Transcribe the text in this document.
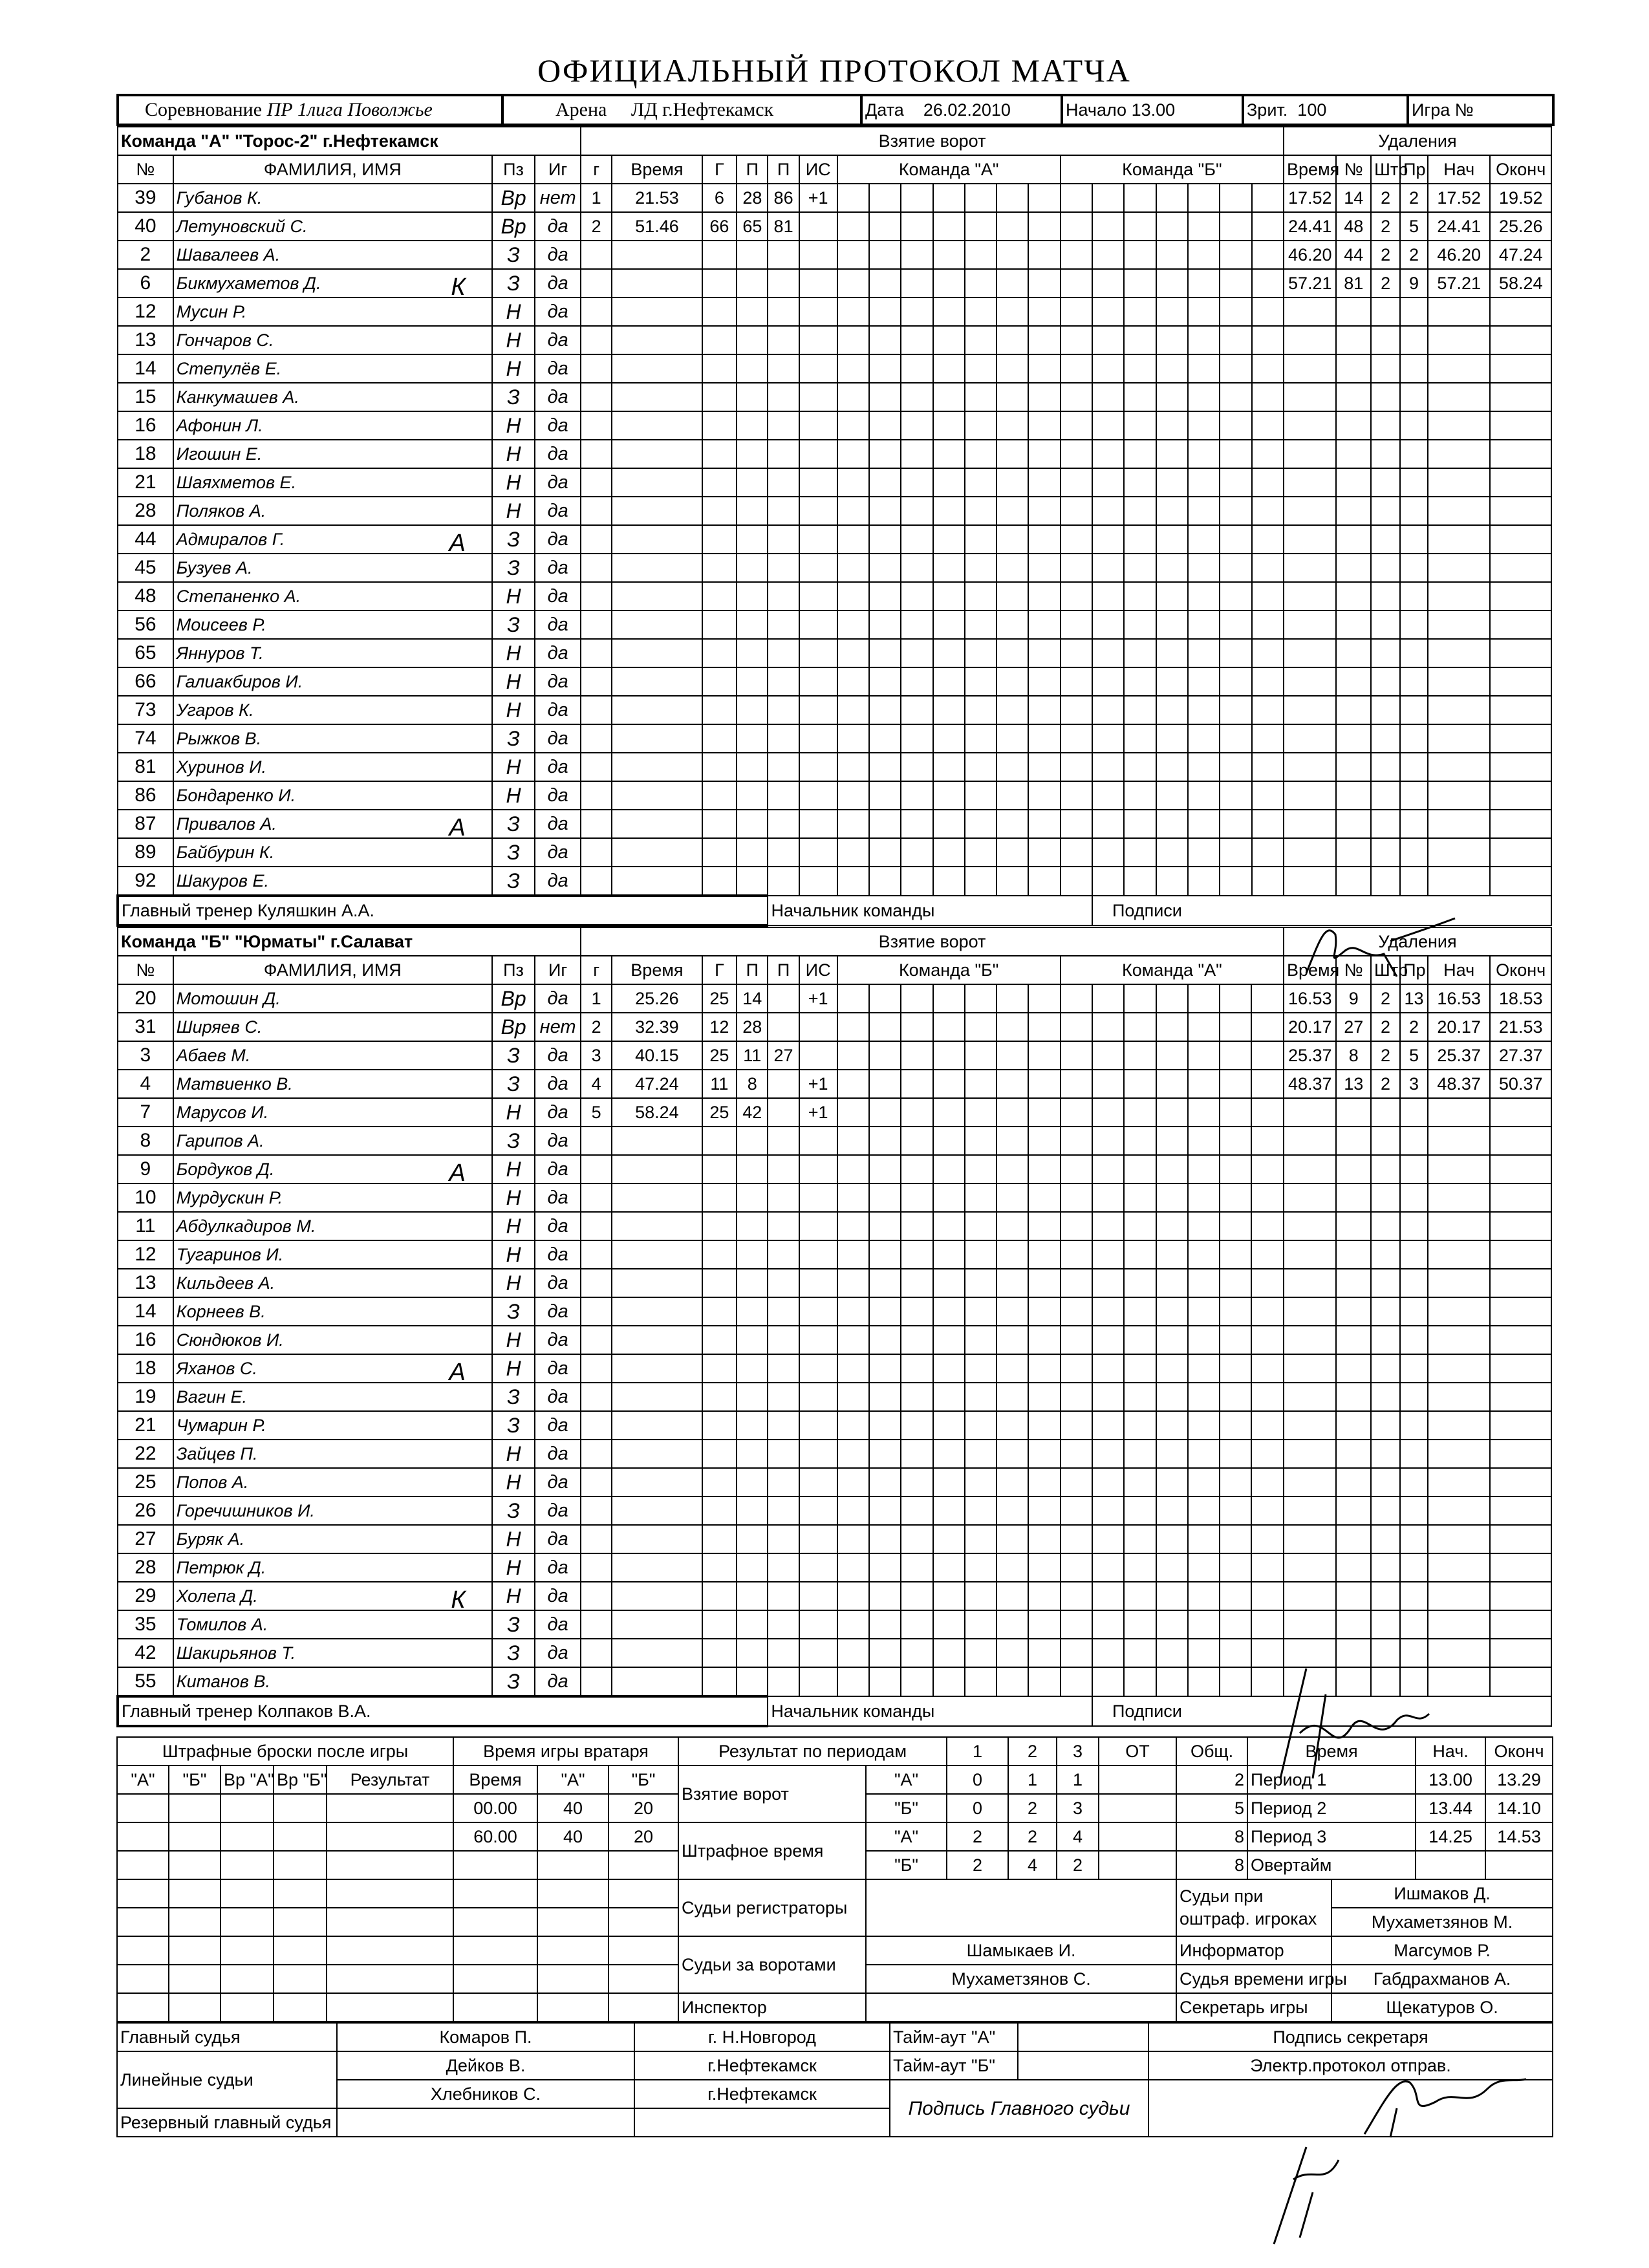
ОФИЦИАЛЬНЫЙ ПРОТОКОЛ МАТЧА
Соревнование ПР 1лига Поволжье	Арена ЛД г.Нефтекамск	Дата 26.02.2010	Начало 13.00	Зрит. 100	Игра №
Команда "А" "Торос-2" г.Нефтекамск				Взятие ворот																				Удаления					
№	ФАМИЛИЯ, ИМЯ	Пз	Иг	г	Время	Г	П	П	ИС	Команда "А"							Команда "Б"							Время	№	Штр	Пр	Нач	Оконч
39	Губанов К.	Вр	нет	1	21.53	6	28	86	+1															17.52	14	2	2	17.52	19.52
40	Летуновский С.	Вр	да	2	51.46	66	65	81																24.41	48	2	5	24.41	25.26
2	Шавалеев А.	З	да																					46.20	44	2	2	46.20	47.24
6	Бикмухаметов Д. К	З	да																					57.21	81	2	9	57.21	58.24
12	Мусин Р.	Н	да																										
13	Гончаров С.	Н	да																										
14	Степулёв Е.	Н	да																										
15	Канкумашев А.	З	да																										
16	Афонин Л.	Н	да																										
18	Игошин Е.	Н	да																										
21	Шаяхметов Е.	Н	да																										
28	Поляков А.	Н	да																										
44	Адмиралов Г. А	З	да																										
45	Бузуев А.	З	да																										
48	Степаненко А.	Н	да																										
56	Моисеев Р.	З	да																										
65	Яннуров Т.	Н	да																										
66	Галиакбиров И.	Н	да																										
73	Угаров К.	Н	да																										
74	Рыжков В.	З	да																										
81	Хуринов И.	Н	да																										
86	Бондаренко И.	Н	да																										
87	Привалов А. А	З	да																										
89	Байбурин К.	З	да																										
92	Шакуров Е.	З	да																										
Главный тренер Куляшкин А.А.								Начальник команды										Подписи											
Команда "Б" "Юрматы" г.Салават				Взятие ворот																				Удаления					
№	ФАМИЛИЯ, ИМЯ	Пз	Иг	г	Время	Г	П	П	ИС	Команда "Б"							Команда "А"							Время	№	Штр	Пр	Нач	Оконч
20	Мотошин Д.	Вр	да	1	25.26	25	14		+1															16.53	9	2	13	16.53	18.53
31	Ширяев С.	Вр	нет	2	32.39	12	28																	20.17	27	2	2	20.17	21.53
3	Абаев М.	З	да	3	40.15	25	11	27																25.37	8	2	5	25.37	27.37
4	Матвиенко В.	З	да	4	47.24	11	8		+1															48.37	13	2	3	48.37	50.37
7	Марусов И.	Н	да	5	58.24	25	42		+1																				
8	Гарипов А.	З	да																										
9	Бордуков Д. А	Н	да																										
10	Мурдускин Р.	Н	да																										
11	Абдулкадиров М.	Н	да																										
12	Тугаринов И.	Н	да																										
13	Кильдеев А.	Н	да																										
14	Корнеев В.	З	да																										
16	Сюндюков И.	Н	да																										
18	Яханов С. А	Н	да																										
19	Вагин Е.	З	да																										
21	Чумарин Р.	З	да																										
22	Зайцев П.	Н	да																										
25	Попов А.	Н	да																										
26	Горечишников И.	З	да																										
27	Буряк А.	Н	да																										
28	Петрюк Д.	Н	да																										
29	Холепа Д. К	Н	да																										
35	Томилов А.	З	да																										
42	Шакирьянов Т.	З	да																										
55	Китанов В.	З	да																										
Главный тренер Колпаков В.А.								Начальник команды										Подписи											
Штрафные броски после игры					Время игры вратаря			Результат по периодам		1	2	3	ОТ	Общ.	Время		Нач.	Оконч
"А"	"Б"	Вр "А"	Вр "Б"	Результат	Время	"А"	"Б"	Взятие ворот	"А"	0	1	1		2	Период 1		13.00	13.29
					00.00	40	20		"Б"	0	2	3		5	Период 2		13.44	14.10
					60.00	40	20	Штрафное время	"А"	2	2	4		8	Период 3		14.25	14.53
									"Б"	2	4	2		8	Овертайм			
								Судьи регистраторы						Судьи при оштраф. игроках		Ишмаков Д.		
																Мухаметзянов М.		
								Судьи за воротами	Шамыкаев И.					Информатор		Магсумов Р.		
									Мухаметзянов С.					Судья времени игры		Габдрахманов А.		
								Инспектор						Секретарь игры		Щекатуров О.		
Главный судья	Комаров П.	г. Н.Новгород	Тайм-аут "А"		Подпись секретаря
Линейные судьи	Дейков В.	г.Нефтекамск	Тайм-аут "Б"		Электр.протокол отправ.
	Хлебников С.	г.Нефтекамск	Подпись Главного судьи		
Резервный главный судья					
